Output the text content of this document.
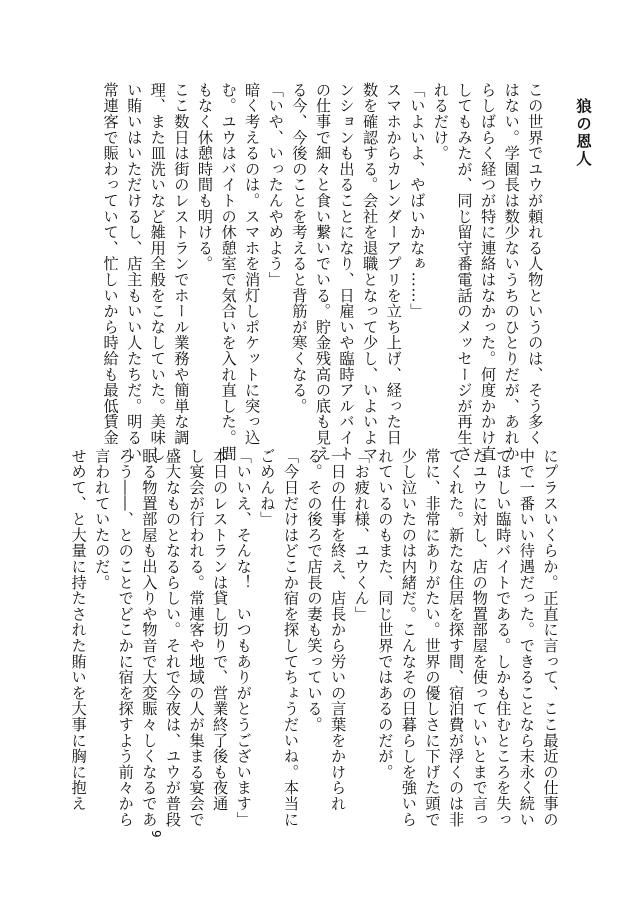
狼の恩人
この世界でユウが頼れる人物というのは、そう多く
はない。学園長は数少ないうちのひとりだが、あれか
らしばらく経つが特に連絡はなかった。何度かかけ直
してもみたが、同じ留守番電話のメッセージが再生さ
れるだけ。
「いよいよ、やばいかなぁ……」
スマホからカレンダーアプリを立ち上げ、経った日
数を確認する。会社を退職となって少し、いよいよマ
ンションも出ることになり、日雇いや臨時アルバイト
の仕事で細々と食い繋いでいる。貯金残高の底も見え
る今、今後のことを考えると背筋が寒くなる。
「いや、いったんやめよう」
暗く考えるのは。スマホを消灯しポケットに突っ込
む。ユウはバイトの休憩室で気合いを入れ直した。間
もなく休憩時間も明ける。
ここ数日は街のレストランでホール業務や簡単な調
理、また皿洗いなど雑用全般をこなしていた。美味し
い賄いはいただけるし、店主もいい人たちだ。明るい
常連客で賑わっていて、忙しいから時給も最低賃金
にプラスいくらか。正直に言って、ここ最近の仕事の
中で一番いい待遇だった。できることなら末永く続い
てほしい臨時バイトである。しかも住むところを失っ
たユウに対し、店の物置部屋を使っていいとまで言っ
てくれた。新たな住居を探す間、宿泊費が浮くのは非
常に、非常にありがたい。世界の優しさに下げた頭で
少し泣いたのは内緒だ。こんなその日暮らしを強いら
れているのもまた、同じ世界ではあるのだが。
「お疲れ様、ユウくん」
一日の仕事を終え、店長から労いの言葉をかけられ
る。その後ろで店長の妻も笑っている。
「今日だけはどこか宿を探してちょうだいね。本当に
ごめんね」
「いいえ、そんな！　いつもありがとうございます」
本日のレストランは貸し切りで、営業終了後も夜通
し宴会が行われる。常連客や地域の人が集まる宴会で
盛大なものとなるらしい。それで今夜は、ユウが普段
眠る物置部屋も出入りや物音で大変賑々しくなるであ
ろう――、とのことでどこかに宿を探すよう前々から
言われていたのだ。
せめて、と大量に持たされた賄いを大事に胸に抱え
9
